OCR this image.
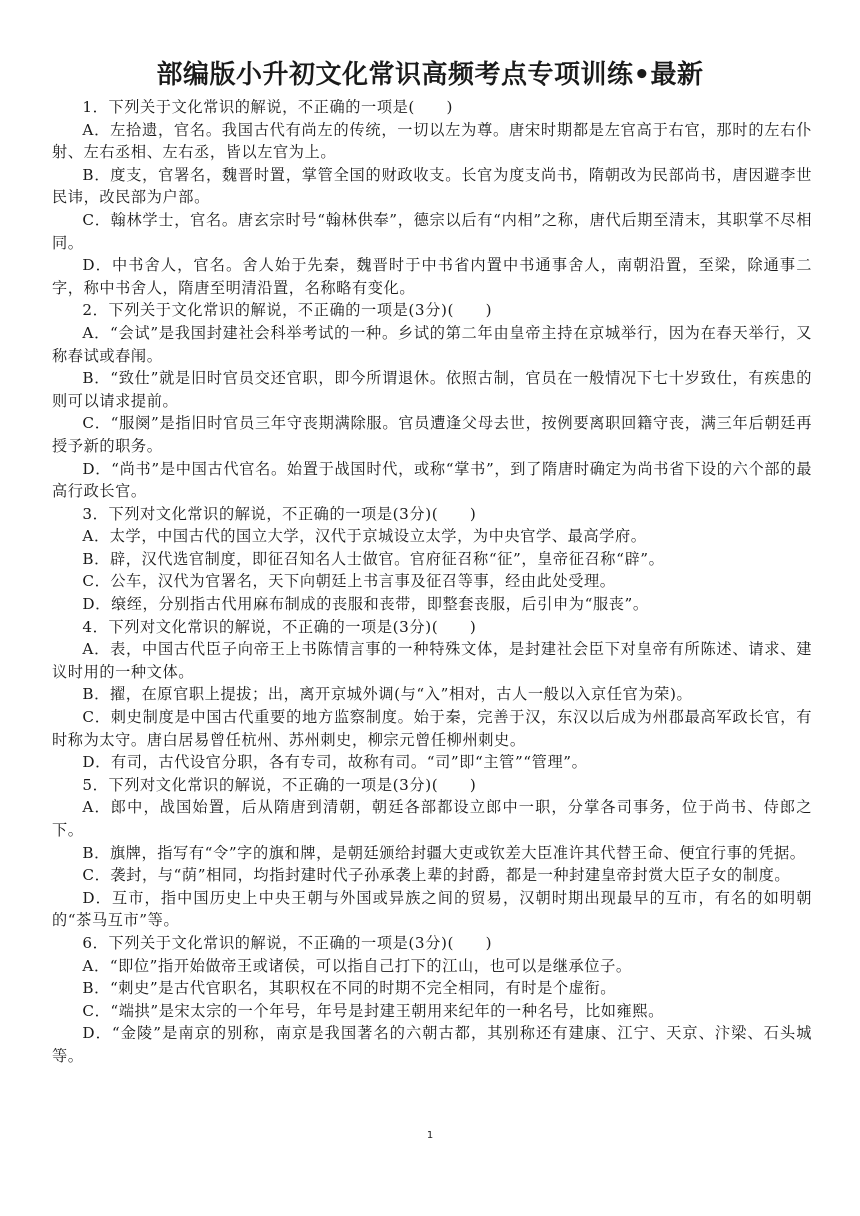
部编版小升初文化常识高频考点专项训练•最新

1．下列关于文化常识的解说，不正确的一项是(　　)

A．左拾遗，官名。我国古代有尚左的传统，一切以左为尊。唐宋时期都是左官高于右官，那时的左右仆射、左右丞相、左右丞，皆以左官为上。

B．度支，官署名，魏晋时置，掌管全国的财政收支。长官为度支尚书，隋朝改为民部尚书，唐因避李世民讳，改民部为户部。

C．翰林学士，官名。唐玄宗时号“翰林供奉”，德宗以后有“内相”之称，唐代后期至清末，其职掌不尽相同。

D．中书舍人，官名。舍人始于先秦，魏晋时于中书省内置中书通事舍人，南朝沿置，至梁，除通事二字，称中书舍人，隋唐至明清沿置，名称略有变化。

2．下列关于文化常识的解说，不正确的一项是(3分)(　　)

A．“会试”是我国封建社会科举考试的一种。乡试的第二年由皇帝主持在京城举行，因为在春天举行，又称春试或春闱。

B．“致仕”就是旧时官员交还官职，即今所谓退休。依照古制，官员在一般情况下七十岁致仕，有疾患的则可以请求提前。

C．“服阕”是指旧时官员三年守丧期满除服。官员遭逢父母去世，按例要离职回籍守丧，满三年后朝廷再授予新的职务。

D．“尚书”是中国古代官名。始置于战国时代，或称“掌书”，到了隋唐时确定为尚书省下设的六个部的最高行政长官。

3．下列对文化常识的解说，不正确的一项是(3分)(　　)

A．太学，中国古代的国立大学，汉代于京城设立太学，为中央官学、最高学府。

B．辟，汉代选官制度，即征召知名人士做官。官府征召称“征”，皇帝征召称“辟”。

C．公车，汉代为官署名，天下向朝廷上书言事及征召等事，经由此处受理。

D．缞绖，分别指古代用麻布制成的丧服和丧带，即整套丧服，后引申为“服丧”。

4．下列对文化常识的解说，不正确的一项是(3分)(　　)

A．表，中国古代臣子向帝王上书陈情言事的一种特殊文体，是封建社会臣下对皇帝有所陈述、请求、建议时用的一种文体。

B．擢，在原官职上提拔；出，离开京城外调(与“入”相对，古人一般以入京任官为荣)。

C．刺史制度是中国古代重要的地方监察制度。始于秦，完善于汉，东汉以后成为州郡最高军政长官，有时称为太守。唐白居易曾任杭州、苏州刺史，柳宗元曾任柳州刺史。

D．有司，古代设官分职，各有专司，故称有司。“司”即“主管”“管理”。

5．下列对文化常识的解说，不正确的一项是(3分)(　　)

A．郎中，战国始置，后从隋唐到清朝，朝廷各部都设立郎中一职，分掌各司事务，位于尚书、侍郎之下。

B．旗牌，指写有“令”字的旗和牌，是朝廷颁给封疆大吏或钦差大臣准许其代替王命、便宜行事的凭据。

C．袭封，与“荫”相同，均指封建时代子孙承袭上辈的封爵，都是一种封建皇帝封赏大臣子女的制度。

D．互市，指中国历史上中央王朝与外国或异族之间的贸易，汉朝时期出现最早的互市，有名的如明朝的“茶马互市”等。

6．下列关于文化常识的解说，不正确的一项是(3分)(　　)

A．“即位”指开始做帝王或诸侯，可以指自己打下的江山，也可以是继承位子。

B．“刺史”是古代官职名，其职权在不同的时期不完全相同，有时是个虚衔。

C．“端拱”是宋太宗的一个年号，年号是封建王朝用来纪年的一种名号，比如雍熙。

D．“金陵”是南京的别称，南京是我国著名的六朝古都，其别称还有建康、江宁、天京、汴梁、石头城等。

1
